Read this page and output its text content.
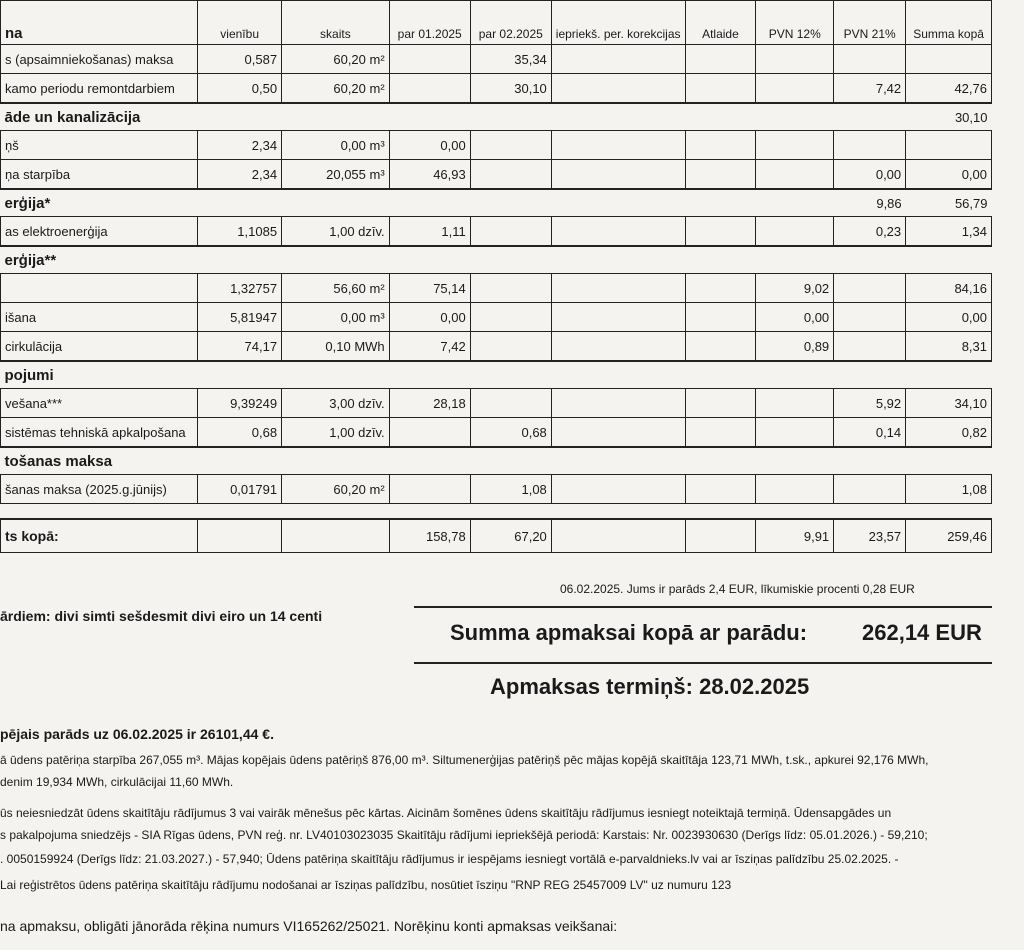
na	vienību	skaits	par 01.2025	par 02.2025	iepriekš. per. korekcijas	Atlaide	PVN 12%	PVN 21%	Summa kopā
s (apsaimniekošanas) maksa	0,587	60,20 m²		35,34					
kamo periodu remontdarbiem	0,50	60,20 m²		30,10				7,42	42,76
āde un kanalizācija									30,10
ņš	2,34	0,00 m³	0,00						
ņa starpība	2,34	20,055 m³	46,93					0,00	0,00
erģija*								9,86	56,79
as elektroenerģija	1,1085	1,00 dzīv.	1,11					0,23	1,34
erģija**									
	1,32757	56,60 m²	75,14				9,02		84,16
išana	5,81947	0,00 m³	0,00				0,00		0,00
cirkulācija	74,17	0,10 MWh	7,42				0,89		8,31
pojumi									
vešana***	9,39249	3,00 dzīv.	28,18					5,92	34,10
sistēmas tehniskā apkalpošana	0,68	1,00 dzīv.		0,68				0,14	0,82
tošanas maksa									
šanas maksa (2025.g.jūnijs)	0,01791	60,20 m²		1,08					1,08

ts kopā:			158,78	67,20			9,91	23,57	259,46
06.02.2025. Jums ir parāds 2,4 EUR, līkumiskie procenti 0,28 EUR
ārdiem: divi simti sešdesmit divi eiro un 14 centi
Summa apmaksai kopā ar parādu: 262,14 EUR
Apmaksas termiņš: 28.02.2025
pējais parāds uz 06.02.2025 ir 26101,44 €.
ā ūdens patēriņa starpība 267,055 m³. Mājas kopējais ūdens patēriņš 876,00 m³. Siltumenerģijas patēriņš pēc mājas kopējā skaitītāja 123,71 MWh, t.sk., apkurei 92,176 MWh,
denim 19,934 MWh, cirkulācijai 11,60 MWh.
ūs neiesniedzāt ūdens skaitītāju rādījumus 3 vai vairāk mēnešus pēc kārtas. Aicinām šomēnes ūdens skaitītāju rādījumus iesniegt noteiktajā termiņā. Ūdensapgādes un
s pakalpojuma sniedzējs - SIA Rīgas ūdens, PVN reģ. nr. LV40103023035 Skaitītāju rādījumi iepriekšējā periodā: Karstais: Nr. 0023930630 (Derīgs līdz: 05.01.2026.) - 59,210;
. 0050159924 (Derīgs līdz: 21.03.2027.) - 57,940; Ūdens patēriņa skaitītāju rādījumus ir iespējams iesniegt vortālā e-parvaldnieks.lv vai ar īsziņas palīdzību 25.02.2025. -
Lai reģistrētos ūdens patēriņa skaitītāju rādījumu nodošanai ar īsziņas palīdzību, nosūtiet īsziņu "RNP REG 25457009 LV" uz numuru 123
na apmaksu, obligāti jānorāda rēķina numurs VI165262/25021. Norēķinu konti apmaksas veikšanai:
